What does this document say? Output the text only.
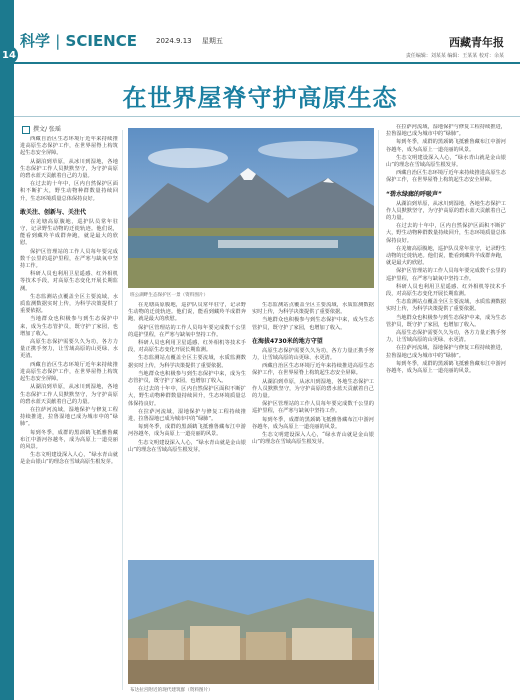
科学 | SCIENCE
14
2024.9.13 星期五	西藏青年报
责任编辑：刘某某 编辑：王某某 校对：余某
在世界屋脊守护高原生态
撰文/ 张瑶

西藏自治区生态环境厅近年来持续推进高原生态保护工作，在世界屋脊上构筑起生态安全屏障。

从湖泊到草原，从冰川到湿地，各地生态保护工作人员默默坚守，为守护高原的碧水蓝天贡献着自己的力量。

在过去的十年中，区内自然保护区面积不断扩大，野生动物种群数量持续回升，生态环境质量总体保持良好。

敢关注、创新与、关注代

在羌塘高原腹地，巡护队员常年驻守，记录野生动物的迁徙轨迹。他们说，能看到藏羚羊成群奔跑，就是最大的欣慰。

保护区管理站的工作人员每年要完成数千公里的巡护里程，在严寒与缺氧中坚持工作。

科研人员也利用卫星遥感、红外相机等技术手段，对高原生态变化开展长期监测。

生态监测站点覆盖全区主要流域，水质监测数据实时上传，为科学决策提供了重要依据。

当地群众也积极参与到生态保护中来，成为生态管护员，既守护了家园，也增加了收入。

高原生态保护需要久久为功，各方力量正携手努力，让雪域高原的山更绿、水更清。

西藏自治区生态环境厅近年来持续推进高原生态保护工作，在世界屋脊上构筑起生态安全屏障。

从湖泊到草原，从冰川到湿地，各地生态保护工作人员默默坚守，为守护高原的碧水蓝天贡献着自己的力量。

在拉萨河流域，湿地保护与修复工程持续推进，拉鲁湿地已成为城市中的“绿肺”。

每到冬季，成群的黑颈鹤飞抵雅鲁藏布江中游河谷越冬，成为高原上一道亮丽的风景。

生态文明建设深入人心，“绿水青山就是金山银山”的理念在雪域高原生根发芽。

班公湖畔生态保护区一景（资料图片）

在羌塘高原腹地，巡护队员常年驻守，记录野生动物的迁徙轨迹。他们说，能看到藏羚羊成群奔跑，就是最大的欣慰。

保护区管理站的工作人员每年要完成数千公里的巡护里程，在严寒与缺氧中坚持工作。

科研人员也利用卫星遥感、红外相机等技术手段，对高原生态变化开展长期监测。

生态监测站点覆盖全区主要流域，水质监测数据实时上传，为科学决策提供了重要依据。

当地群众也积极参与到生态保护中来，成为生态管护员，既守护了家园，也增加了收入。

在过去的十年中，区内自然保护区面积不断扩大，野生动物种群数量持续回升，生态环境质量总体保持良好。

在拉萨河流域，湿地保护与修复工程持续推进，拉鲁湿地已成为城市中的“绿肺”。

每到冬季，成群的黑颈鹤飞抵雅鲁藏布江中游河谷越冬，成为高原上一道亮丽的风景。

生态文明建设深入人心，“绿水青山就是金山银山”的理念在雪域高原生根发芽。

生态监测站点覆盖全区主要流域，水质监测数据实时上传，为科学决策提供了重要依据。

当地群众也积极参与到生态保护中来，成为生态管护员，既守护了家园，也增加了收入。

在海拔4730米的地方守望

高原生态保护需要久久为功，各方力量正携手努力，让雪域高原的山更绿、水更清。

西藏自治区生态环境厅近年来持续推进高原生态保护工作，在世界屋脊上构筑起生态安全屏障。

从湖泊到草原，从冰川到湿地，各地生态保护工作人员默默坚守，为守护高原的碧水蓝天贡献着自己的力量。

保护区管理站的工作人员每年要完成数千公里的巡护里程，在严寒与缺氧中坚持工作。

每到冬季，成群的黑颈鹤飞抵雅鲁藏布江中游河谷越冬，成为高原上一道亮丽的风景。

生态文明建设深入人心，“绿水青山就是金山银山”的理念在雪域高原生根发芽。

布达拉宫附近的现代建筑群（资料图片）

在拉萨河流域，湿地保护与修复工程持续推进，拉鲁湿地已成为城市中的“绿肺”。

每到冬季，成群的黑颈鹤飞抵雅鲁藏布江中游河谷越冬，成为高原上一道亮丽的风景。

生态文明建设深入人心，“绿水青山就是金山银山”的理念在雪域高原生根发芽。

西藏自治区生态环境厅近年来持续推进高原生态保护工作，在世界屋脊上构筑起生态安全屏障。

“碧水绿廊的呼吸声”

从湖泊到草原，从冰川到湿地，各地生态保护工作人员默默坚守，为守护高原的碧水蓝天贡献着自己的力量。

在过去的十年中，区内自然保护区面积不断扩大，野生动物种群数量持续回升，生态环境质量总体保持良好。

在羌塘高原腹地，巡护队员常年驻守，记录野生动物的迁徙轨迹。他们说，能看到藏羚羊成群奔跑，就是最大的欣慰。

保护区管理站的工作人员每年要完成数千公里的巡护里程，在严寒与缺氧中坚持工作。

科研人员也利用卫星遥感、红外相机等技术手段，对高原生态变化开展长期监测。

生态监测站点覆盖全区主要流域，水质监测数据实时上传，为科学决策提供了重要依据。

当地群众也积极参与到生态保护中来，成为生态管护员，既守护了家园，也增加了收入。

高原生态保护需要久久为功，各方力量正携手努力，让雪域高原的山更绿、水更清。

在拉萨河流域，湿地保护与修复工程持续推进，拉鲁湿地已成为城市中的“绿肺”。

每到冬季，成群的黑颈鹤飞抵雅鲁藏布江中游河谷越冬，成为高原上一道亮丽的风景。
